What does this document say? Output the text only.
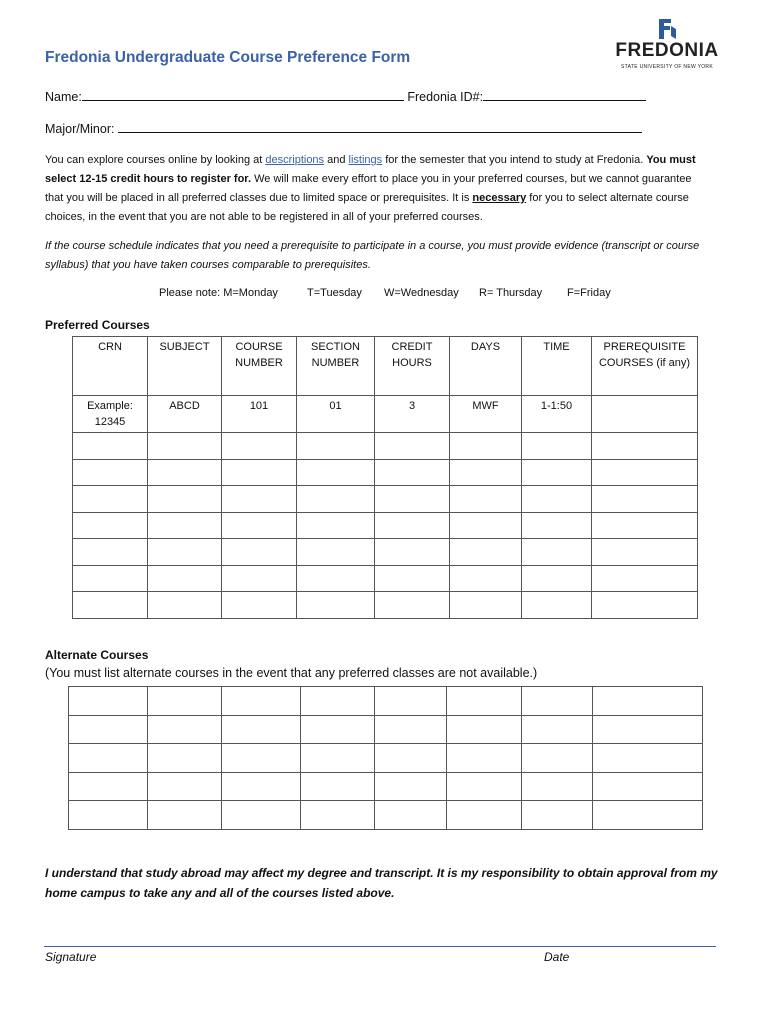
Fredonia Undergraduate Course Preference Form	FREDONIA
STATE UNIVERSITY OF NEW YORK
Name:	Fredonia ID#:
Major/Minor:
You can explore courses online by looking at descriptions and listings for the semester that you intend to study at Fredonia. You must select 12-15 credit hours to register for. We will make every effort to place you in your preferred courses, but we cannot guarantee that you will be placed in all preferred classes due to limited space or prerequisites. It is necessary for you to select alternate course choices, in the event that you are not able to be registered in all of your preferred courses.
If the course schedule indicates that you need a prerequisite to participate in a course, you must provide evidence (transcript or course syllabus) that you have taken courses comparable to prerequisites.
Please note: M=Monday	T=Tuesday W=Wednesday R= Thursday F=Friday
Preferred Courses
CRN	SUBJECT	COURSE NUMBER	SECTION NUMBER	CREDIT HOURS	DAYS	TIME	PREREQUISITE COURSES (if any)
Example: 12345	ABCD	101	01	3	MWF	1-1:50	

Alternate Courses
(You must list alternate courses in the event that any preferred classes are not available.)

I understand that study abroad may affect my degree and transcript. It is my responsibility to obtain approval from my home campus to take any and all of the courses listed above.
Signature	Date
